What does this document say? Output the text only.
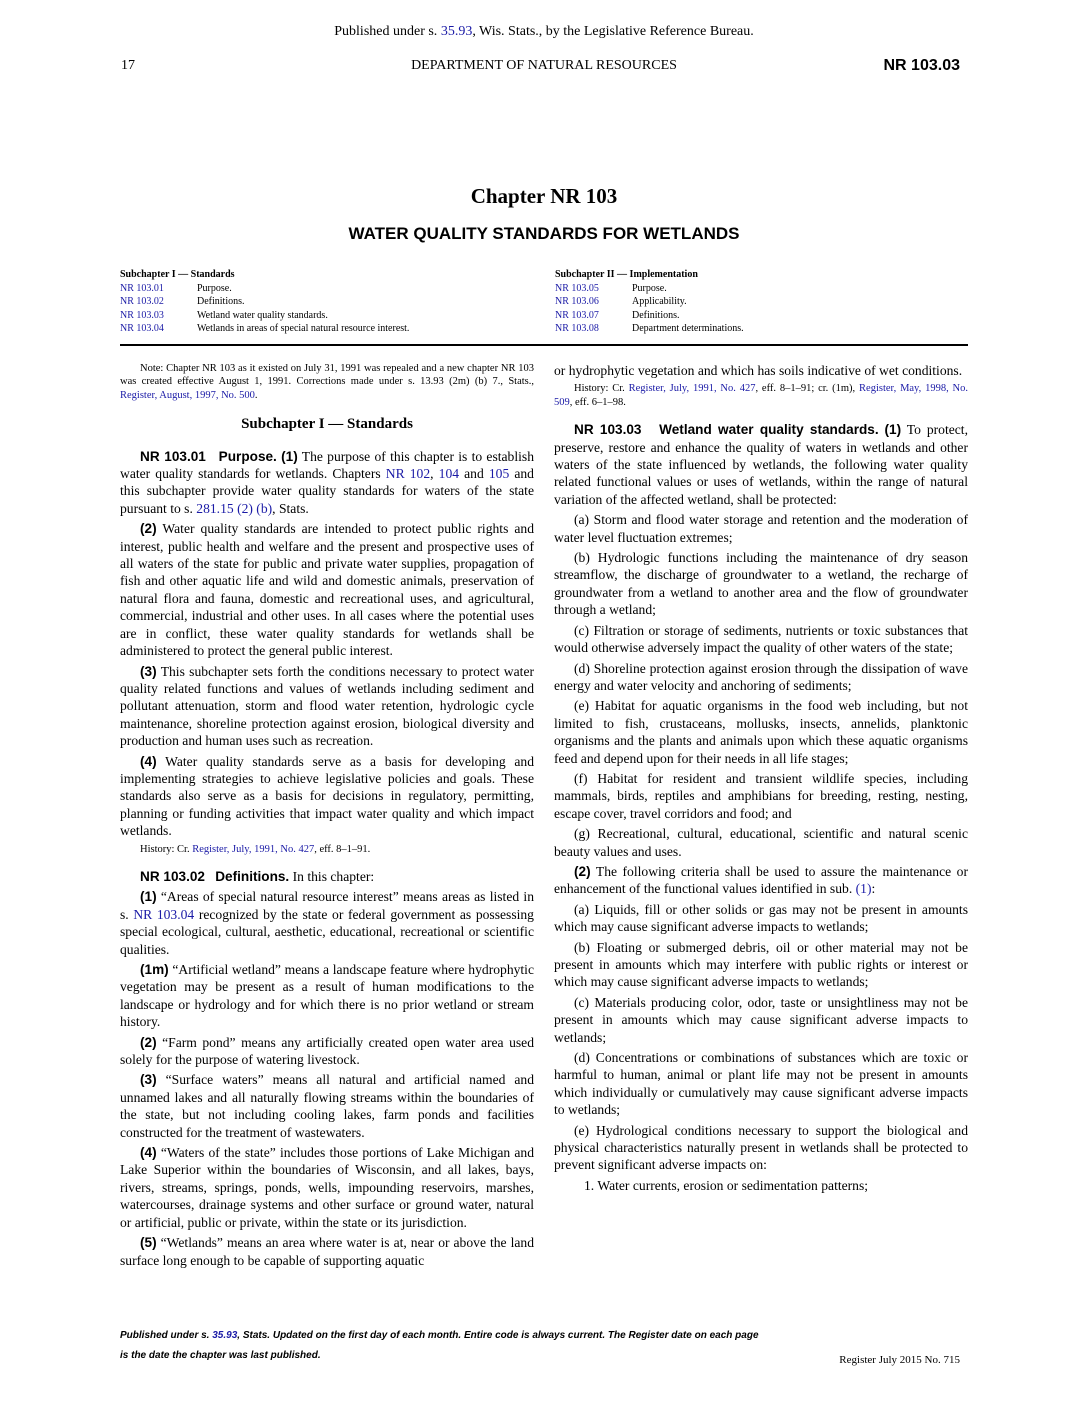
Published under s. 35.93, Wis. Stats., by the Legislative Reference Bureau.
17	DEPARTMENT OF NATURAL RESOURCES	NR 103.03
Chapter NR 103
WATER QUALITY STANDARDS FOR WETLANDS
Subchapter I — Standards
NR 103.01	Purpose.
NR 103.02	Definitions.
NR 103.03	Wetland water quality standards.
NR 103.04	Wetlands in areas of special natural resource interest.
Subchapter II — Implementation
NR 103.05	Purpose.
NR 103.06	Applicability.
NR 103.07	Definitions.
NR 103.08	Department determinations.

Note: Chapter NR 103 as it existed on July 31, 1991 was repealed and a new chapter NR 103 was created effective August 1, 1991. Corrections made under s. 13.93 (2m) (b) 7., Stats., Register, August, 1997, No. 500.

Subchapter I — Standards

NR 103.01 Purpose. (1) The purpose of this chapter is to establish water quality standards for wetlands. Chapters NR 102, 104 and 105 and this subchapter provide water quality standards for waters of the state pursuant to s. 281.15 (2) (b), Stats.

(2) Water quality standards are intended to protect public rights and interest, public health and welfare and the present and prospective uses of all waters of the state for public and private water supplies, propagation of fish and other aquatic life and wild and domestic animals, preservation of natural flora and fauna, domestic and recreational uses, and agricultural, commercial, industrial and other uses. In all cases where the potential uses are in conflict, these water quality standards for wetlands shall be administered to protect the general public interest.

(3) This subchapter sets forth the conditions necessary to protect water quality related functions and values of wetlands including sediment and pollutant attenuation, storm and flood water retention, hydrologic cycle maintenance, shoreline protection against erosion, biological diversity and production and human uses such as recreation.

(4) Water quality standards serve as a basis for developing and implementing strategies to achieve legislative policies and goals. These standards also serve as a basis for decisions in regulatory, permitting, planning or funding activities that impact water quality and which impact wetlands.

History: Cr. Register, July, 1991, No. 427, eff. 8–1–91.

NR 103.02 Definitions. In this chapter:

(1) “Areas of special natural resource interest” means areas as listed in s. NR 103.04 recognized by the state or federal government as possessing special ecological, cultural, aesthetic, educational, recreational or scientific qualities.

(1m) “Artificial wetland” means a landscape feature where hydrophytic vegetation may be present as a result of human modifications to the landscape or hydrology and for which there is no prior wetland or stream history.

(2) “Farm pond” means any artificially created open water area used solely for the purpose of watering livestock.

(3) “Surface waters” means all natural and artificial named and unnamed lakes and all naturally flowing streams within the boundaries of the state, but not including cooling lakes, farm ponds and facilities constructed for the treatment of wastewaters.

(4) “Waters of the state” includes those portions of Lake Michigan and Lake Superior within the boundaries of Wisconsin, and all lakes, bays, rivers, streams, springs, ponds, wells, impounding reservoirs, marshes, watercourses, drainage systems and other surface or ground water, natural or artificial, public or private, within the state or its jurisdiction.

(5) “Wetlands” means an area where water is at, near or above the land surface long enough to be capable of supporting aquatic

or hydrophytic vegetation and which has soils indicative of wet conditions.

History: Cr. Register, July, 1991, No. 427, eff. 8–1–91; cr. (1m), Register, May, 1998, No. 509, eff. 6–1–98.

NR 103.03 Wetland water quality standards. (1) To protect, preserve, restore and enhance the quality of waters in wetlands and other waters of the state influenced by wetlands, the following water quality related functional values or uses of wetlands, within the range of natural variation of the affected wetland, shall be protected:

(a) Storm and flood water storage and retention and the moderation of water level fluctuation extremes;

(b) Hydrologic functions including the maintenance of dry season streamflow, the discharge of groundwater to a wetland, the recharge of groundwater from a wetland to another area and the flow of groundwater through a wetland;

(c) Filtration or storage of sediments, nutrients or toxic substances that would otherwise adversely impact the quality of other waters of the state;

(d) Shoreline protection against erosion through the dissipation of wave energy and water velocity and anchoring of sediments;

(e) Habitat for aquatic organisms in the food web including, but not limited to fish, crustaceans, mollusks, insects, annelids, planktonic organisms and the plants and animals upon which these aquatic organisms feed and depend upon for their needs in all life stages;

(f) Habitat for resident and transient wildlife species, including mammals, birds, reptiles and amphibians for breeding, resting, nesting, escape cover, travel corridors and food; and

(g) Recreational, cultural, educational, scientific and natural scenic beauty values and uses.

(2) The following criteria shall be used to assure the maintenance or enhancement of the functional values identified in sub. (1):

(a) Liquids, fill or other solids or gas may not be present in amounts which may cause significant adverse impacts to wetlands;

(b) Floating or submerged debris, oil or other material may not be present in amounts which may interfere with public rights or interest or which may cause significant adverse impacts to wetlands;

(c) Materials producing color, odor, taste or unsightliness may not be present in amounts which may cause significant adverse impacts to wetlands;

(d) Concentrations or combinations of substances which are toxic or harmful to human, animal or plant life may not be present in amounts which individually or cumulatively may cause significant adverse impacts to wetlands;

(e) Hydrological conditions necessary to support the biological and physical characteristics naturally present in wetlands shall be protected to prevent significant adverse impacts on:

1. Water currents, erosion or sedimentation patterns;

Published under s. 35.93, Stats. Updated on the first day of each month. Entire code is always current. The Register date on each page
is the date the chapter was last published.	Register July 2015 No. 715
